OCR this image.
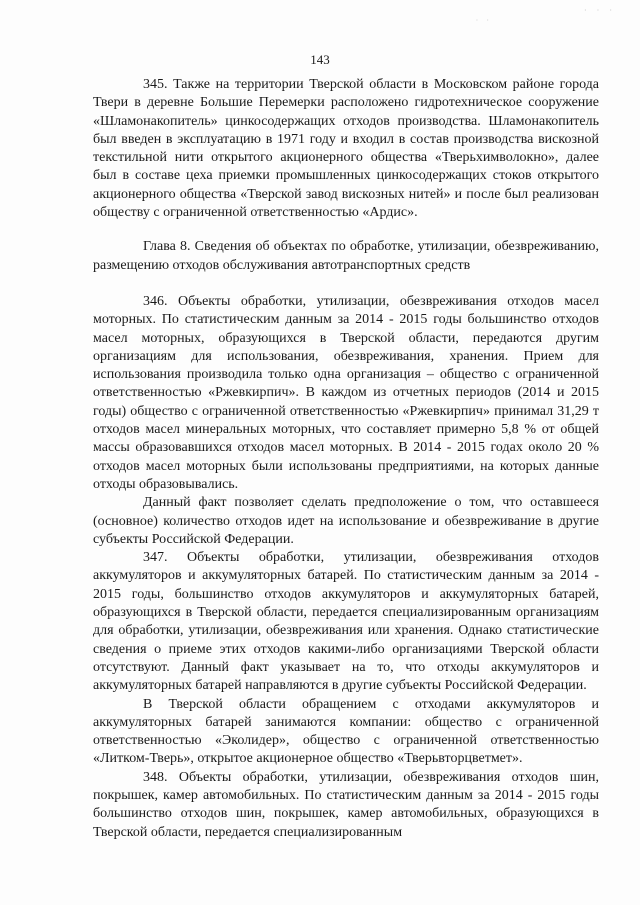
· · ·
· ·
143

345. Также на территории Тверской области в Московском районе города Твери в деревне Большие Перемерки расположено гидротехническое сооружение «Шламонакопитель» цинкосодержащих отходов производства. Шламонакопитель был введен в эксплуатацию в 1971 году и входил в состав производства вискозной текстильной нити открытого акционерного общества «Тверьхимволокно», далее был в составе цеха приемки промышленных цинкосодержащих стоков открытого акционерного общества «Тверской завод вискозных нитей» и после был реализован обществу с ограниченной ответственностью «Ардис».

Глава 8. Сведения об объектах по обработке, утилизации, обезвреживанию, размещению отходов обслуживания автотранспортных средств

346. Объекты обработки, утилизации, обезвреживания отходов масел моторных. По статистическим данным за 2014 - 2015 годы большинство отходов масел моторных, образующихся в Тверской области, передаются другим организациям для использования, обезвреживания, хранения. Прием для использования производила только одна организация – общество с ограниченной ответственностью «Ржевкирпич». В каждом из отчетных периодов (2014 и 2015 годы) общество с ограниченной ответственностью «Ржевкирпич» принимал 31,29 т отходов масел минеральных моторных, что составляет примерно 5,8 % от общей массы образовавшихся отходов масел моторных. В 2014 - 2015 годах около 20 % отходов масел моторных были использованы предприятиями, на которых данные отходы образовывались.

Данный факт позволяет сделать предположение о том, что оставшееся (основное) количество отходов идет на использование и обезвреживание в другие субъекты Российской Федерации.

347. Объекты обработки, утилизации, обезвреживания отходов аккумуляторов и аккумуляторных батарей. По статистическим данным за 2014 - 2015 годы, большинство отходов аккумуляторов и аккумуляторных батарей, образующихся в Тверской области, передается специализированным организациям для обработки, утилизации, обезвреживания или хранения. Однако статистические сведения о приеме этих отходов какими-либо организациями Тверской области отсутствуют. Данный факт указывает на то, что отходы аккумуляторов и аккумуляторных батарей направляются в другие субъекты Российской Федерации.

В Тверской области обращением с отходами аккумуляторов и аккумуляторных батарей занимаются компании: общество с ограниченной ответственностью «Эколидер», общество с ограниченной ответственностью «Литком-Тверь», открытое акционерное общество «Тверьвторцветмет».

348. Объекты обработки, утилизации, обезвреживания отходов шин, покрышек, камер автомобильных. По статистическим данным за 2014 - 2015 годы большинство отходов шин, покрышек, камер автомобильных, образующихся в Тверской области, передается специализированным
